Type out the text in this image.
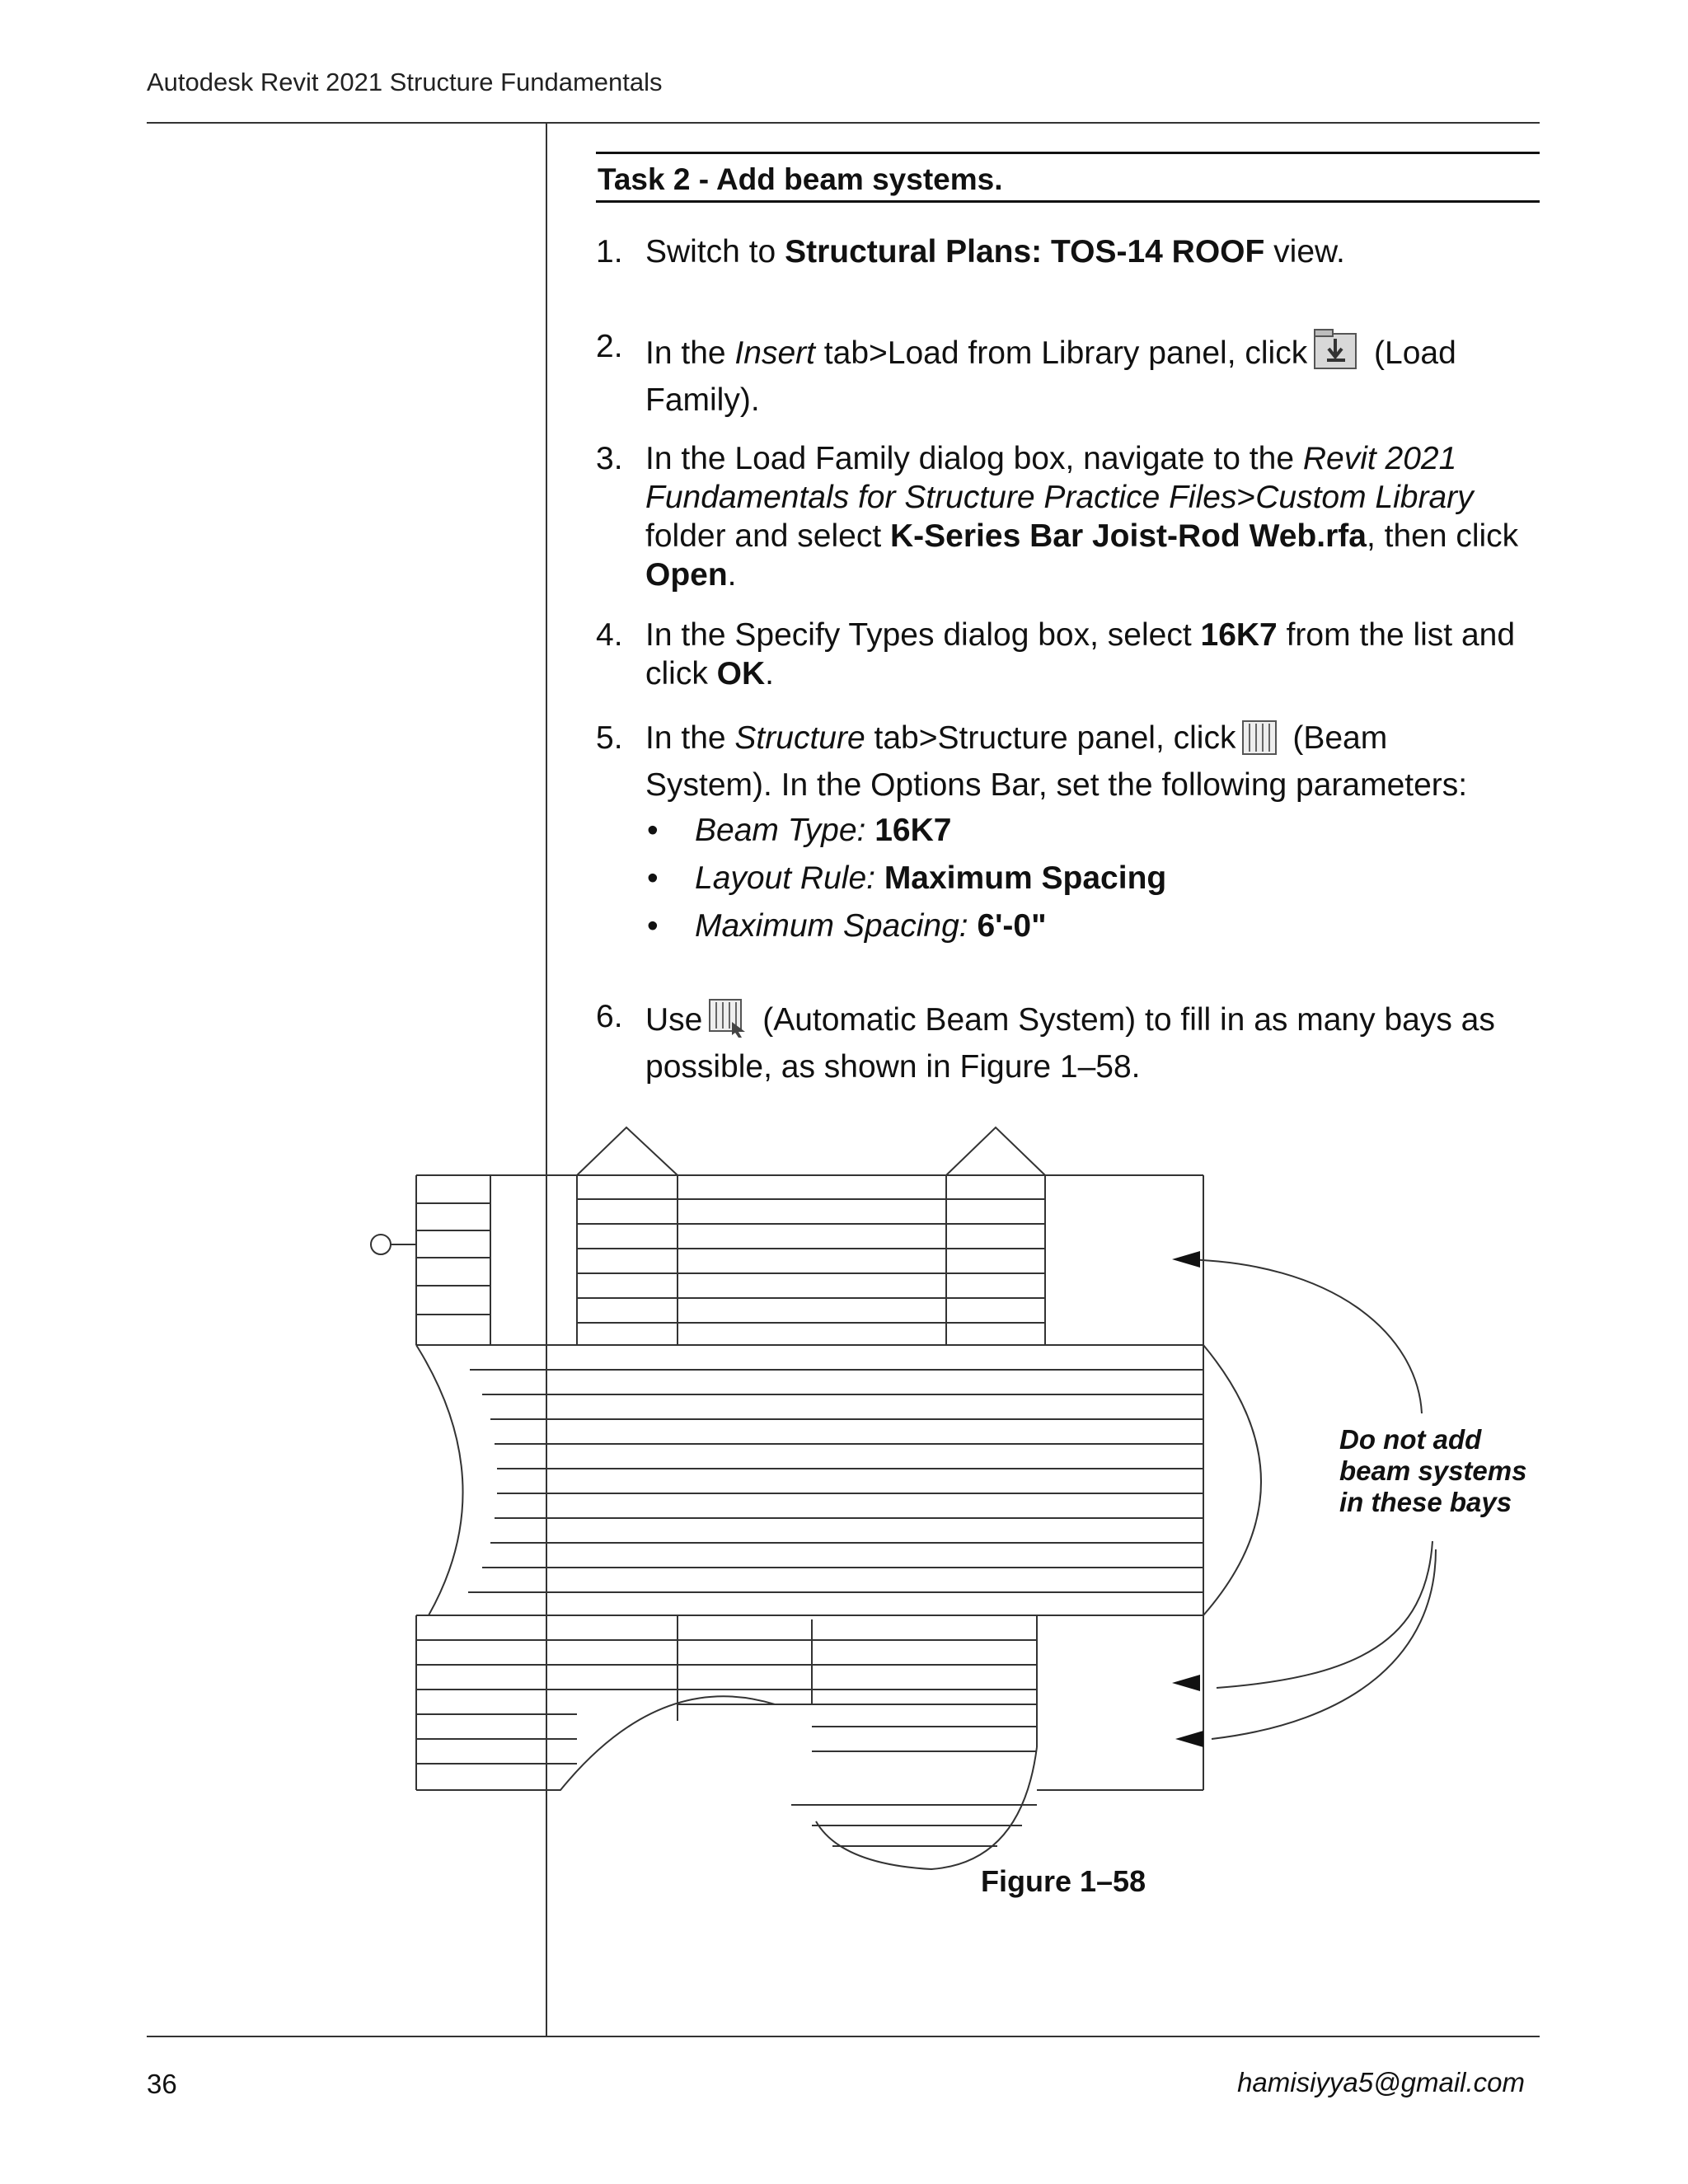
Autodesk Revit 2021 Structure Fundamentals
Task 2 - Add beam systems.
1. Switch to Structural Plans: TOS-14 ROOF view.
2. In the Insert tab>Load from Library panel, click (Load
Family).
3. In the Load Family dialog box, navigate to the Revit 2021
Fundamentals for Structure Practice Files>Custom Library
folder and select K-Series Bar Joist-Rod Web.rfa, then click
Open.
4. In the Specify Types dialog box, select 16K7 from the list and
click OK.
5. In the Structure tab>Structure panel, click (Beam
System). In the Options Bar, set the following parameters:
•	Beam Type: 16K7
•	Layout Rule: Maximum Spacing
•	Maximum Spacing: 6'-0"
6. Use (Automatic Beam System) to fill in as many bays as
possible, as shown in Figure 1–58.
Do not add
beam systems
in these bays
Figure 1–58
36	hamisiyya5@gmail.com
